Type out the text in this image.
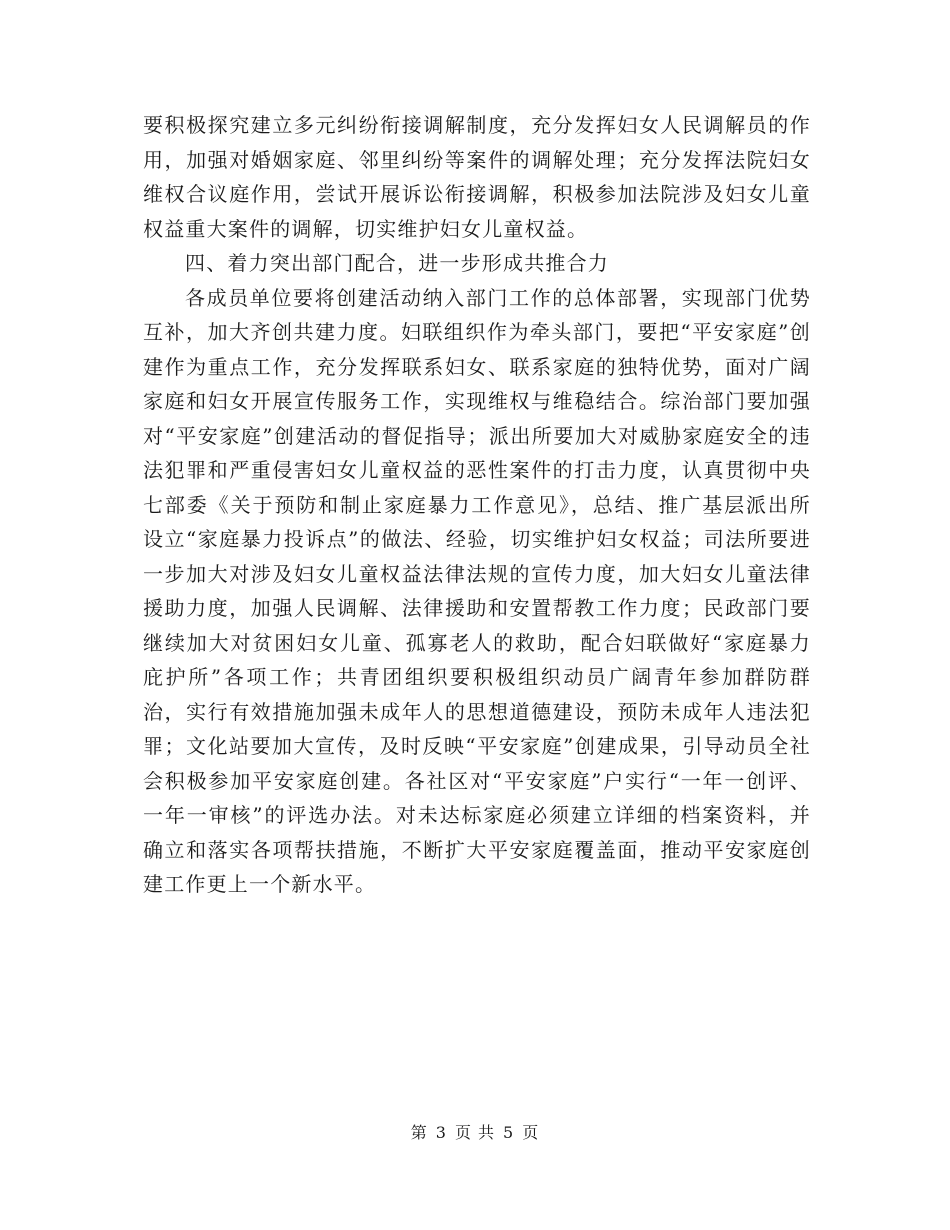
要积极探究建立多元纠纷衔接调解制度，充分发挥妇女人民调解员的作用，加强对婚姻家庭、邻里纠纷等案件的调解处理；充分发挥法院妇女维权合议庭作用，尝试开展诉讼衔接调解，积极参加法院涉及妇女儿童权益重大案件的调解，切实维护妇女儿童权益。

四、着力突出部门配合，进一步形成共推合力

各成员单位要将创建活动纳入部门工作的总体部署，实现部门优势互补，加大齐创共建力度。妇联组织作为牵头部门，要把“平安家庭”创建作为重点工作，充分发挥联系妇女、联系家庭的独特优势，面对广阔家庭和妇女开展宣传服务工作，实现维权与维稳结合。综治部门要加强对“平安家庭”创建活动的督促指导；派出所要加大对威胁家庭安全的违法犯罪和严重侵害妇女儿童权益的恶性案件的打击力度，认真贯彻中央七部委《关于预防和制止家庭暴力工作意见》，总结、推广基层派出所设立“家庭暴力投诉点”的做法、经验，切实维护妇女权益；司法所要进一步加大对涉及妇女儿童权益法律法规的宣传力度，加大妇女儿童法律援助力度，加强人民调解、法律援助和安置帮教工作力度；民政部门要继续加大对贫困妇女儿童、孤寡老人的救助，配合妇联做好“家庭暴力庇护所”各项工作；共青团组织要积极组织动员广阔青年参加群防群治，实行有效措施加强未成年人的思想道德建设，预防未成年人违法犯罪；文化站要加大宣传，及时反映“平安家庭”创建成果，引导动员全社会积极参加平安家庭创建。各社区对“平安家庭”户实行“一年一创评、一年一审核”的评选办法。对未达标家庭必须建立详细的档案资料，并确立和落实各项帮扶措施，不断扩大平安家庭覆盖面，推动平安家庭创建工作更上一个新水平。

第 3 页 共 5 页
